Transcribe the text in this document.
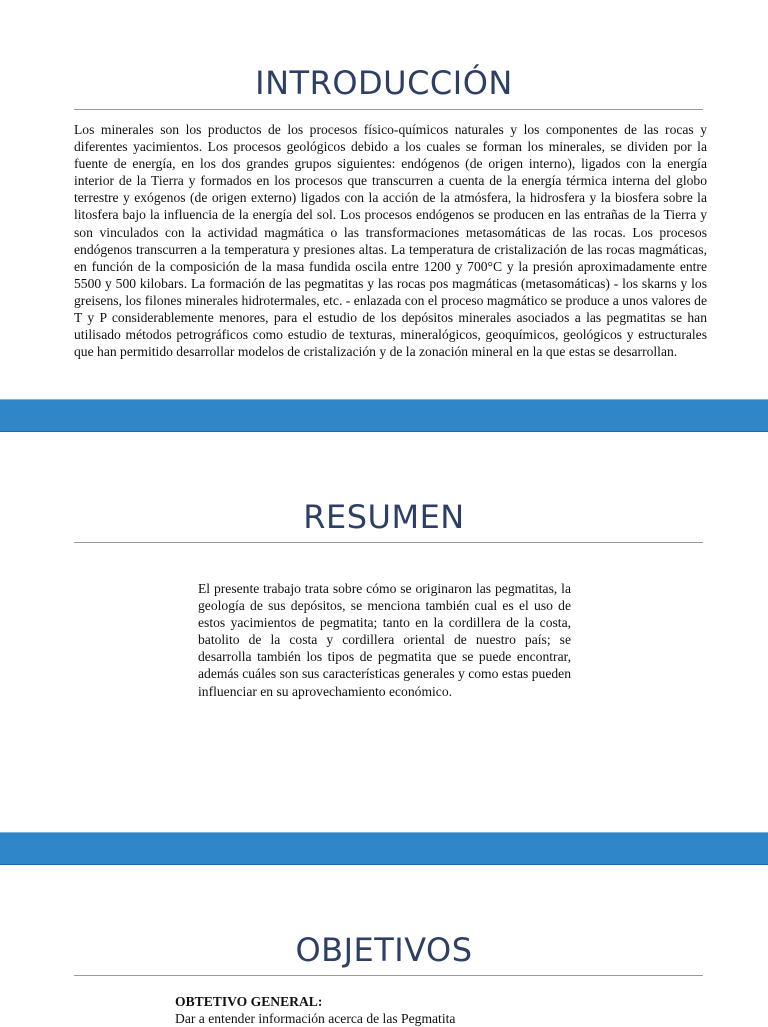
INTRODUCCIÓN

Los minerales son los productos de los procesos físico-químicos naturales y los componentes de las rocas y diferentes yacimientos. Los procesos geológicos debido a los cuales se forman los minerales, se dividen por la fuente de energía, en los dos grandes grupos siguientes: endógenos (de origen interno), ligados con la energía interior de la Tierra y formados en los procesos que transcurren a cuenta de la energía térmica interna del globo terrestre y exógenos (de origen externo) ligados con la acción de la atmósfera, la hidrosfera y la biosfera sobre la litosfera bajo la influencia de la energía del sol. Los procesos endógenos se producen en las entrañas de la Tierra y son vinculados con la actividad magmática o las transformaciones metasomáticas de las rocas. Los procesos endógenos transcurren a la temperatura y presiones altas. La temperatura de cristalización de las rocas magmáticas, en función de la composición de la masa fundida oscila entre 1200 y 700°C y la presión aproximadamente entre 5500 y 500 kilobars. La formación de las pegmatitas y las rocas pos magmáticas (metasomáticas) - los skarns y los greisens, los filones minerales hidrotermales, etc. - enlazada con el proceso magmático se produce a unos valores de T y P considerablemente menores, para el estudio de los depósitos minerales asociados a las pegmatitas se han utilisado métodos petrográficos como estudio de texturas, mineralógicos, geoquímicos, geológicos y estructurales que han permitido desarrollar modelos de cristalización y de la zonación mineral en la que estas se desarrollan.

RESUMEN

El presente trabajo trata sobre cómo se originaron las pegmatitas, la geología de sus depósitos, se menciona también cual es el uso de estos yacimientos de pegmatita; tanto en la cordillera de la costa, batolito de la costa y cordillera oriental de nuestro país; se desarrolla también los tipos de pegmatita que se puede encontrar, además cuáles son sus características generales y como estas pueden influenciar en su aprovechamiento económico.

OBJETIVOS

OBTETIVO GENERAL:

Dar a entender información acerca de las Pegmatita
